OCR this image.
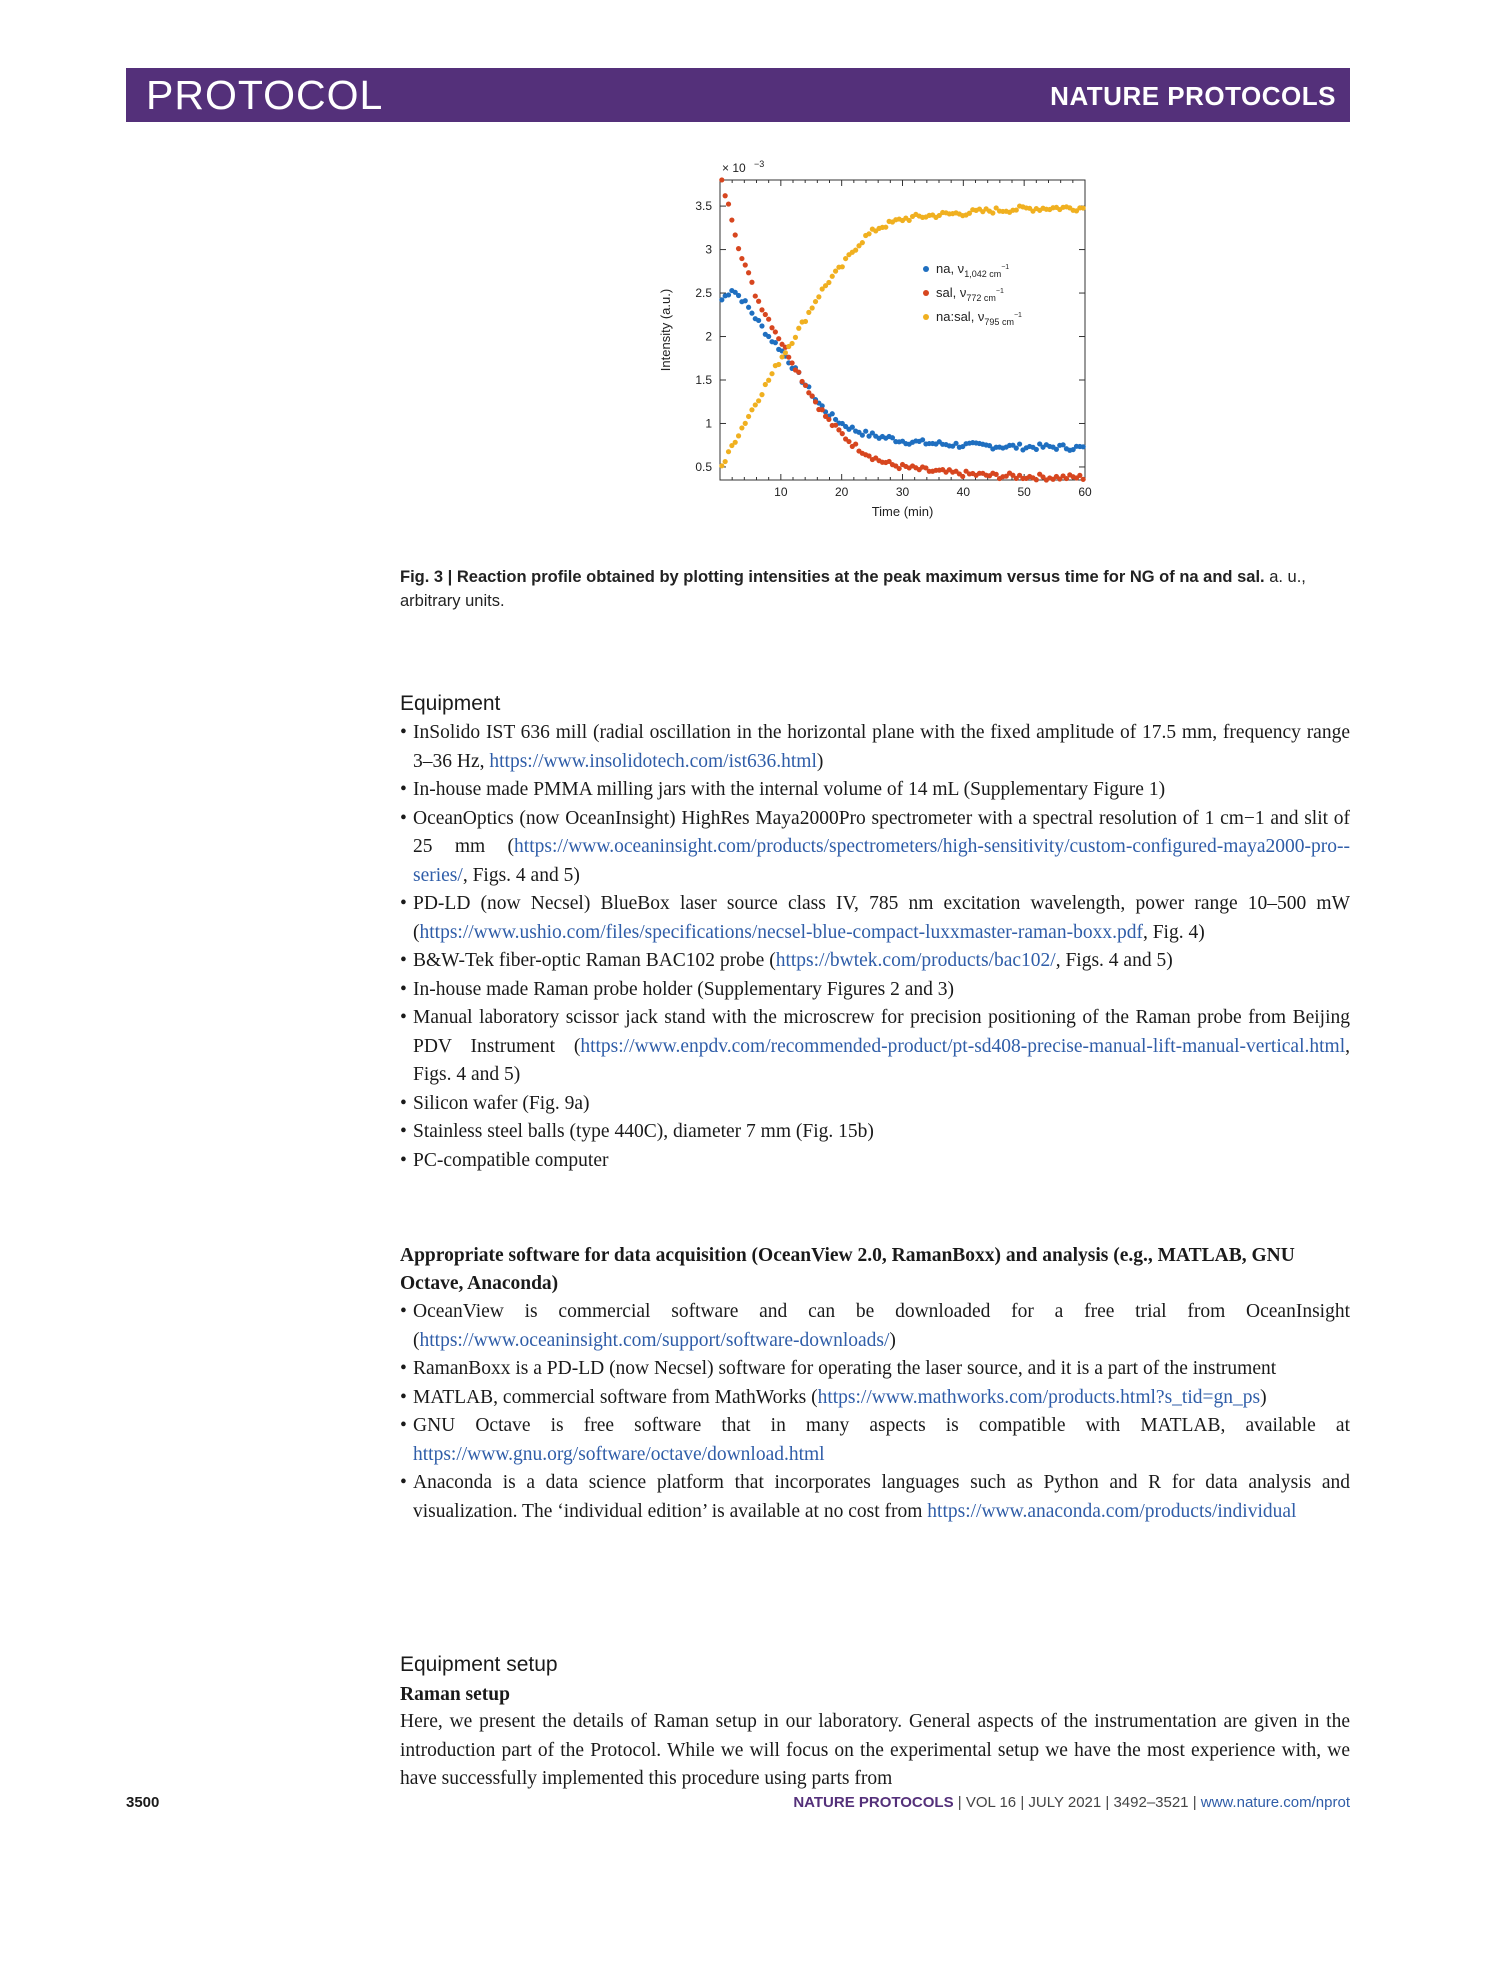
PROTOCOL	NATURE PROTOCOLS
10	20	30	40	50	60
0.5
1
1.5
2
2.5
3
3.5
× 10 −3
Time (min)
Intensity (a.u.)
na, $\nu_{1,042 cm}^{-1}$
sal, $\nu_{772 cm}^{-1}$
na:sal, $\nu_{795 cm}^{-1}$
Fig. 3 | Reaction profile obtained by plotting intensities at the peak maximum versus time for NG of na and sal. a. u., arbitrary units.
Equipment
• InSolido IST 636 mill (radial oscillation in the horizontal plane with the fixed amplitude of 17.5 mm, frequency range 3–36 Hz, https://www.insolidotech.com/ist636.html)
• In-house made PMMA milling jars with the internal volume of 14 mL (Supplementary Figure 1)
• OceanOptics (now OceanInsight) HighRes Maya2000Pro spectrometer with a spectral resolution of 1 cm−1 and slit of 25 mm (https://www.oceaninsight.com/products/spectrometers/high-sensitivity/custom-configured-maya2000-pro--series/, Figs. 4 and 5)
• PD-LD (now Necsel) BlueBox laser source class IV, 785 nm excitation wavelength, power range 10–500 mW (https://www.ushio.com/files/specifications/necsel-blue-compact-luxxmaster-raman-boxx.pdf, Fig. 4)
• B&W-Tek fiber-optic Raman BAC102 probe (https://bwtek.com/products/bac102/, Figs. 4 and 5)
• In-house made Raman probe holder (Supplementary Figures 2 and 3)
• Manual laboratory scissor jack stand with the microscrew for precision positioning of the Raman probe from Beijing PDV Instrument (https://www.enpdv.com/recommended-product/pt-sd408-precise-manual-lift-manual-vertical.html, Figs. 4 and 5)
• Silicon wafer (Fig. 9a)
• Stainless steel balls (type 440C), diameter 7 mm (Fig. 15b)
• PC-compatible computer
Appropriate software for data acquisition (OceanView 2.0, RamanBoxx) and analysis (e.g., MATLAB, GNU Octave, Anaconda)
• OceanView is commercial software and can be downloaded for a free trial from OceanInsight (https://www.oceaninsight.com/support/software-downloads/)
• RamanBoxx is a PD-LD (now Necsel) software for operating the laser source, and it is a part of the instrument
• MATLAB, commercial software from MathWorks (https://www.mathworks.com/products.html?s_tid=gn_ps)
• GNU Octave is free software that in many aspects is compatible with MATLAB, available at https://www.gnu.org/software/octave/download.html
• Anaconda is a data science platform that incorporates languages such as Python and R for data analysis and visualization. The ‘individual edition’ is available at no cost from https://www.anaconda.com/products/individual
Equipment setup
Raman setup
Here, we present the details of Raman setup in our laboratory. General aspects of the instrumentation are given in the introduction part of the Protocol. While we will focus on the experimental setup we have the most experience with, we have successfully implemented this procedure using parts from
3500	NATURE PROTOCOLS | VOL 16 | JULY 2021 | 3492–3521 | www.nature.com/nprot
